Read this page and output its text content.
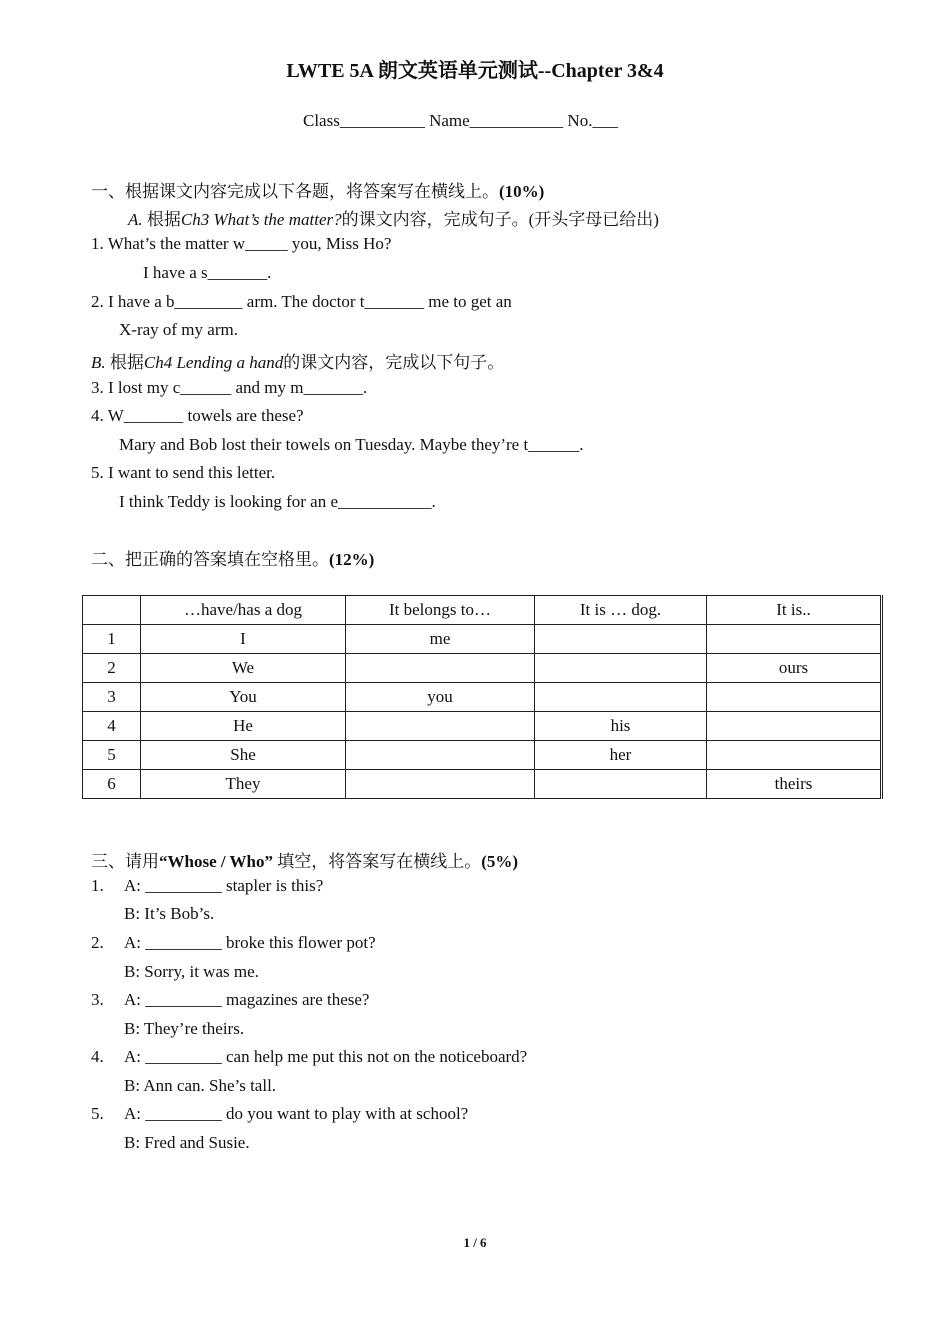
LWTE 5A 朗文英语单元测试--Chapter 3&4
Class__________ Name___________ No.___
一、根据课文内容完成以下各题，将答案写在横线上。(10%)
A. 根据Ch3 What’s the matter?的课文内容，完成句子。(开头字母已给出)
1. What’s the matter w_____ you, Miss Ho?
I have a s_______.
2. I have a b________ arm. The doctor t_______ me to get an
X-ray of my arm.
B. 根据Ch4 Lending a hand的课文内容，完成以下句子。
3. I lost my c______ and my m_______.
4. W_______ towels are these?
Mary and Bob lost their towels on Tuesday. Maybe they’re t______.
5. I want to send this letter.
I think Teddy is looking for an e___________.
二、把正确的答案填在空格里。(12%)
	…have/has a dog	It belongs to…	It is … dog.	It is..
1	I	me		
2	We			ours
3	You	you		
4	He		his	
5	She		her	
6	They			theirs
三、请用“Whose / Who” 填空，将答案写在横线上。(5%)
1. A: _________ stapler is this?
B: It’s Bob’s.
2. A: _________ broke this flower pot?
B: Sorry, it was me.
3. A: _________ magazines are these?
B: They’re theirs.
4. A: _________ can help me put this not on the noticeboard?
B: Ann can. She’s tall.
5. A: _________ do you want to play with at school?
B: Fred and Susie.
1 / 6
